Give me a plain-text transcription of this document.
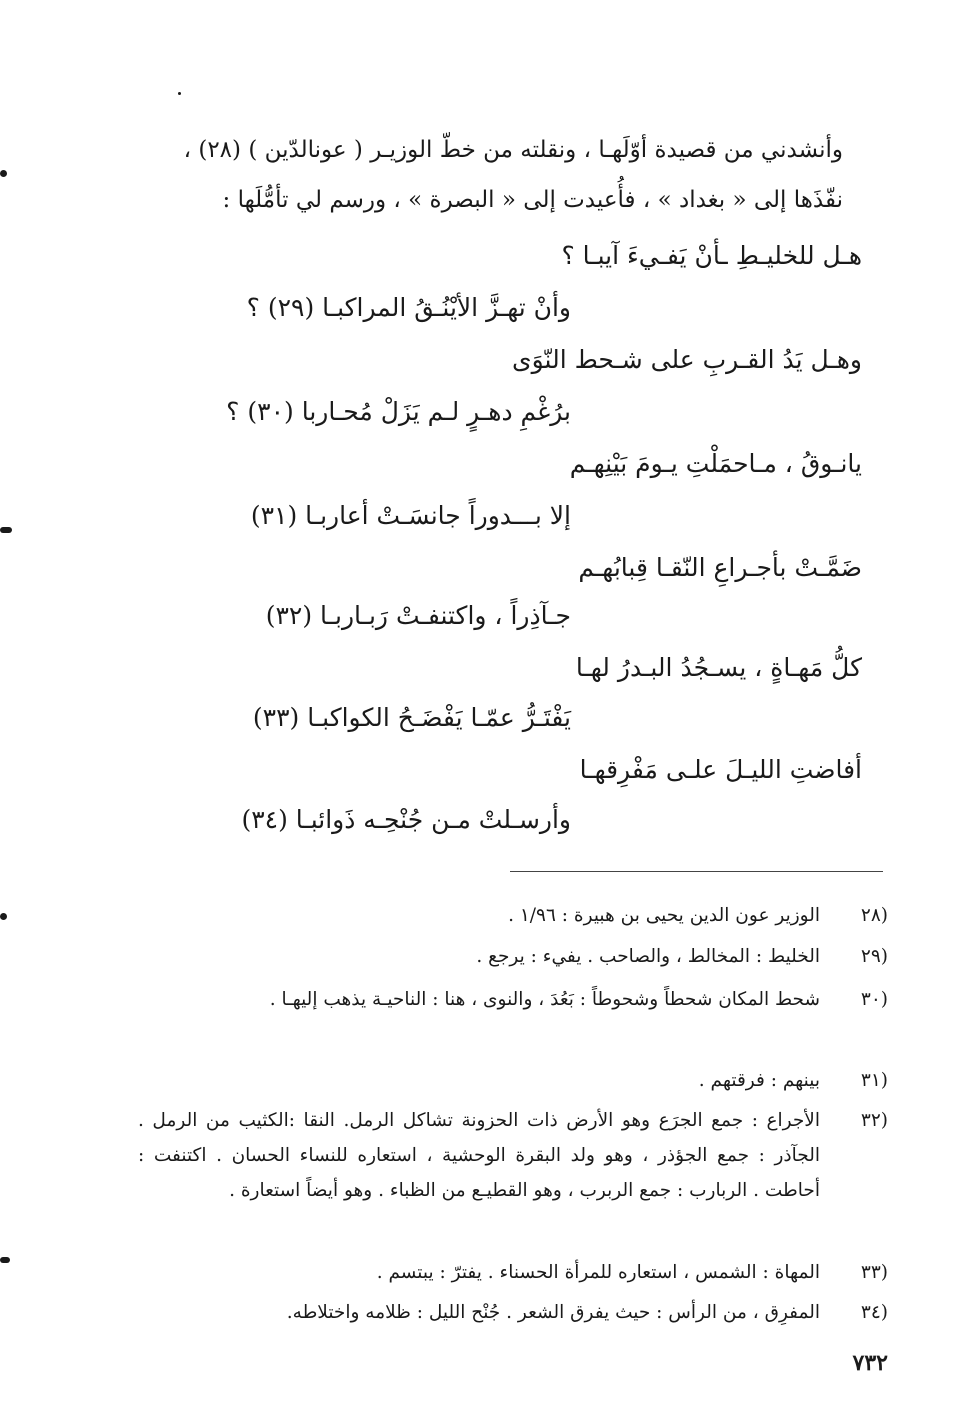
وأنشدني من قصيدة أوّلَهـا ، ونقلته من خطّ الوزيـر ( عونالدّين ) (٢٨) ،
نفّذَها إلى « بغداد » ، فأُعيدت إلى « البصرة » ، ورسم لي تأمُّلَها :
هـل للخليـطِ ـأنْ يَفـيءَ آيبـا ؟
وأنْ تهـزَّ الأيْنُـقُ المراكبـا (٢٩) ؟
وهـل يَدُ القـربِ على شـحط النّوَى
برُغْمِ دهـرٍ لـم يَزَلْ مُحـاربا (٣٠) ؟
يانـوقُ ، مـاحمَلْتِ يـومَ بَيْنِهـم
إلا بـــدوراً جانسَـتْ أعاربـا (٣١)
ضَمَّـتْ بأجـراعِ النّقـا قِبابُهـم
جـآذِراً ، واكتنفـتْ رَبـاربـا (٣٢)
كلُّ مَهـاةٍ ، يسـجُدُ البـدرُ لهـا
يَفْتَـرُّ عمّـا يَفْضَـحُ الكواكبـا (٣٣)
أفاضتِ الليـلَ علـى مَفْرِقهـا
وأرسـلتْ مـن جُنْحِـه ذَوائبـا (٣٤)
(٢٨
الوزير عون الدين يحيى بن هبيرة : ١/٩٦ .
(٢٩
الخليط : المخالط ، والصاحب . يفيء : يرجع .
(٣٠
شحط المكان شحطاً وشحوطاً : بَعُدَ ، والنوى ، هنا : الناحيـة يذهب إليهـا .
(٣١
بينهم : فرقتهم .
(٣٢
الأجراع : جمع الجرَع وهو الأرض ذات الحزونة تشاكل الرمل. النقا :الكثيب من الرمل . الجآذر : جمع الجؤذر ، وهو ولد البقرة الوحشية ، استعاره للنساء الحسان . اكتنفت : أحاطت . الربارب : جمع الربرب ، وهو القطيـع من الظباء . وهو أيضاً استعارة .
(٣٣
المهاة : الشمس ، استعاره للمرأة الحسناء . يفترّ : يبتسم .
(٣٤
المفرِق ، من الرأس : حيث يفرق الشعر . جُنْح الليل : ظلامه واختلاطه.
٧٣٢
